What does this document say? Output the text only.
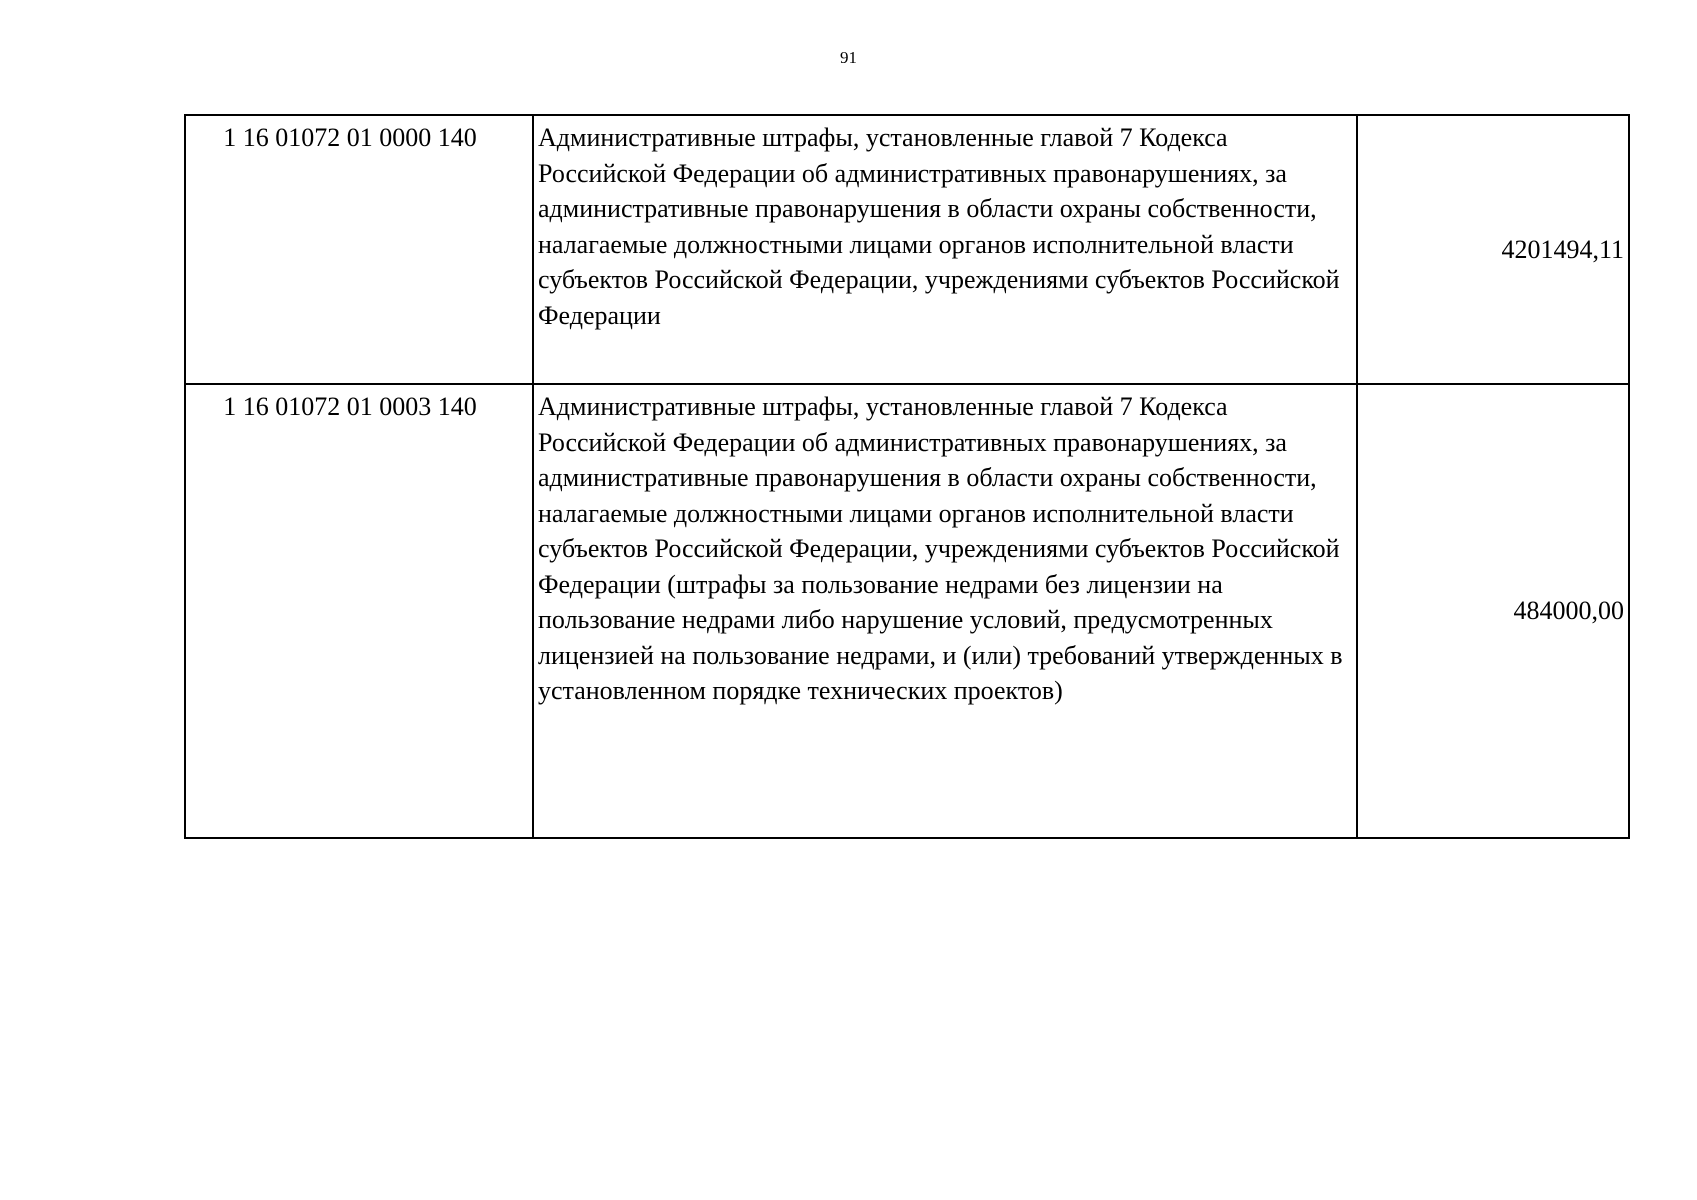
91
1 16 01072 01 0000 140	Административные штрафы, установленные главой 7 Кодекса Российской Федерации об административных правонарушениях, за административные правонарушения в области охраны собственности, налагаемые должностными лицами органов исполнительной власти субъектов Российской Федерации, учреждениями субъектов Российской Федерации	4201494,11
1 16 01072 01 0003 140	Административные штрафы, установленные главой 7 Кодекса Российской Федерации об административных правонарушениях, за административные правонарушения в области охраны собственности, налагаемые должностными лицами органов исполнительной власти субъектов Российской Федерации, учреждениями субъектов Российской Федерации (штрафы за пользование недрами без лицензии на пользование недрами либо нарушение условий, предусмотренных лицензией на пользование недрами, и (или) требований утвержденных в установленном порядке технических проектов)	484000,00
